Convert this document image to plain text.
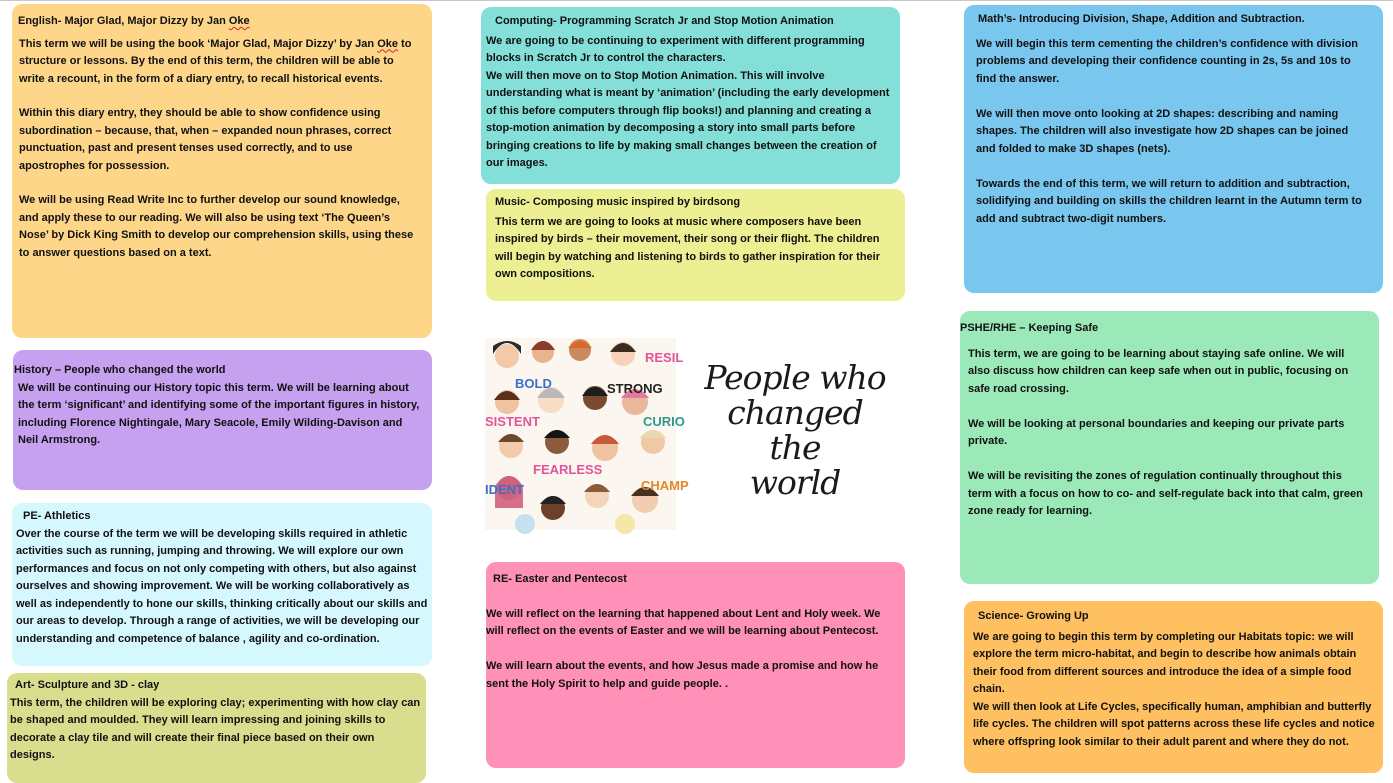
English- Major Glad, Major Dizzy by Jan Oke

This term we will be using the book ‘Major Glad, Major Dizzy’ by Jan Oke to structure or lessons. By the end of this term, the children will be able to write a recount, in the form of a diary entry, to recall historical events.

Within this diary entry, they should be able to show confidence using subordination – because, that, when – expanded noun phrases, correct punctuation, past and present tenses used correctly, and to use apostrophes for possession.

We will be using Read Write Inc to further develop our sound knowledge, and apply these to our reading. We will also be using text ‘The Queen’s Nose’ by Dick King Smith to develop our comprehension skills, using these to answer questions based on a text.

History – People who changed the world

We will be continuing our History topic this term. We will be learning about the term ‘significant’ and identifying some of the important figures in history, including Florence Nightingale, Mary Seacole, Emily Wilding-Davison and Neil Armstrong.

PE- Athletics

Over the course of the term we will be developing skills required in athletic activities such as running, jumping and throwing. We will explore our own performances and focus on not only competing with others, but also against ourselves and showing improvement. We will be working collaboratively as well as independently to hone our skills, thinking critically about our skills and our areas to develop. Through a range of activities, we will be developing our understanding and competence of balance , agility and co-ordination.

Art- Sculpture and 3D - clay

This term, the children will be exploring clay; experimenting with how clay can be shaped and moulded. They will learn impressing and joining skills to decorate a clay tile and will create their final piece based on their own designs.

Computing- Programming Scratch Jr and Stop Motion Animation

We are going to be continuing to experiment with different programming blocks in Scratch Jr to control the characters.
We will then move on to Stop Motion Animation. This will involve understanding what is meant by ‘animation’ (including the early development of this before computers through flip books!) and planning and creating a stop-motion animation by decomposing a story into small parts before bringing creations to life by making small changes between the creation of our images.

Music- Composing music inspired by birdsong

This term we are going to looks at music where composers have been inspired by birds – their movement, their song or their flight. The children will begin by watching and listening to birds to gather inspiration for their own compositions.

RESIL
BOLD	STRONG
SISTENT	CURIO
FEARLESS
IDENT	CHAMP
People who
changed the
world
RE- Easter and Pentecost

We will reflect on the learning that happened about Lent and Holy week. We will reflect on the events of Easter and we will be learning about Pentecost.

We will learn about the events, and how Jesus made a promise and how he sent the Holy Spirit to help and guide people. .

Math’s- Introducing Division, Shape, Addition and Subtraction.

We will begin this term cementing the children’s confidence with division problems and developing their confidence counting in 2s, 5s and 10s to find the answer.

We will then move onto looking at 2D shapes: describing and naming shapes. The children will also investigate how 2D shapes can be joined and folded to make 3D shapes (nets).

Towards the end of this term, we will return to addition and subtraction, solidifying and building on skills the children learnt in the Autumn term to add and subtract two-digit numbers.

PSHE/RHE – Keeping Safe

This term, we are going to be learning about staying safe online. We will also discuss how children can keep safe when out in public, focusing on safe road crossing.

We will be looking at personal boundaries and keeping our private parts private.

We will be revisiting the zones of regulation continually throughout this term with a focus on how to co- and self-regulate back into that calm, green zone ready for learning.

Science- Growing Up

We are going to begin this term by completing our Habitats topic: we will explore the term micro-habitat, and begin to describe how animals obtain their food from different sources and introduce the idea of a simple food chain.
We will then look at Life Cycles, specifically human, amphibian and butterfly life cycles. The children will spot patterns across these life cycles and notice where offspring look similar to their adult parent and where they do not.
